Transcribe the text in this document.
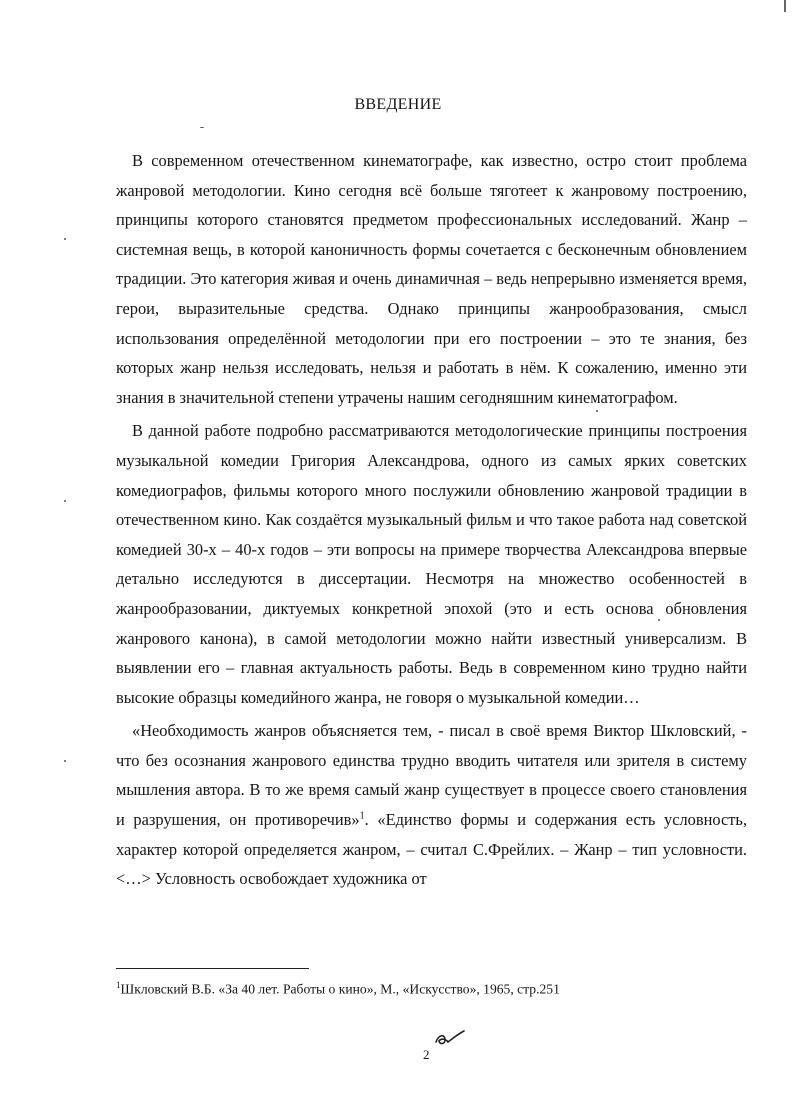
ВВЕДЕНИЕ

В современном отечественном кинематографе, как известно, остро стоит проблема жанровой методологии. Кино сегодня всё больше тяготеет к жанровому построению, принципы которого становятся предметом профессиональных исследований. Жанр – системная вещь, в которой каноничность формы сочетается с бесконечным обновлением традиции. Это категория живая и очень динамичная – ведь непрерывно изменяется время, герои, выразительные средства. Однако принципы жанрообразования, смысл использования определённой методологии при его построении – это те знания, без которых жанр нельзя исследовать, нельзя и работать в нём. К сожалению, именно эти знания в значительной степени утрачены нашим сегодняшним кинематографом.

В данной работе подробно рассматриваются методологические принципы построения музыкальной комедии Григория Александрова, одного из самых ярких советских комедиографов, фильмы которого много послужили обновлению жанровой традиции в отечественном кино. Как создаётся музыкальный фильм и что такое работа над советской комедией 30-х – 40-х годов – эти вопросы на примере творчества Александрова впервые детально исследуются в диссертации. Несмотря на множество особенностей в жанрообразовании, диктуемых конкретной эпохой (это и есть основа обновления жанрового канона), в самой методологии можно найти известный универсализм. В выявлении его – главная актуальность работы. Ведь в современном кино трудно найти высокие образцы комедийного жанра, не говоря о музыкальной комедии…

«Необходимость жанров объясняется тем, - писал в своё время Виктор Шкловский, - что без осознания жанрового единства трудно вводить читателя или зрителя в систему мышления автора. В то же время самый жанр существует в процессе своего становления и разрушения, он противоречив»$^1$. «Единство формы и содержания есть условность, характер которой определяется жанром, – считал С.Фрейлих. – Жанр – тип условности. <…> Условность освобождает художника от

$^1$Шкловский В.Б. «За 40 лет. Работы о кино», М., «Искусство», 1965, стр.251

2
